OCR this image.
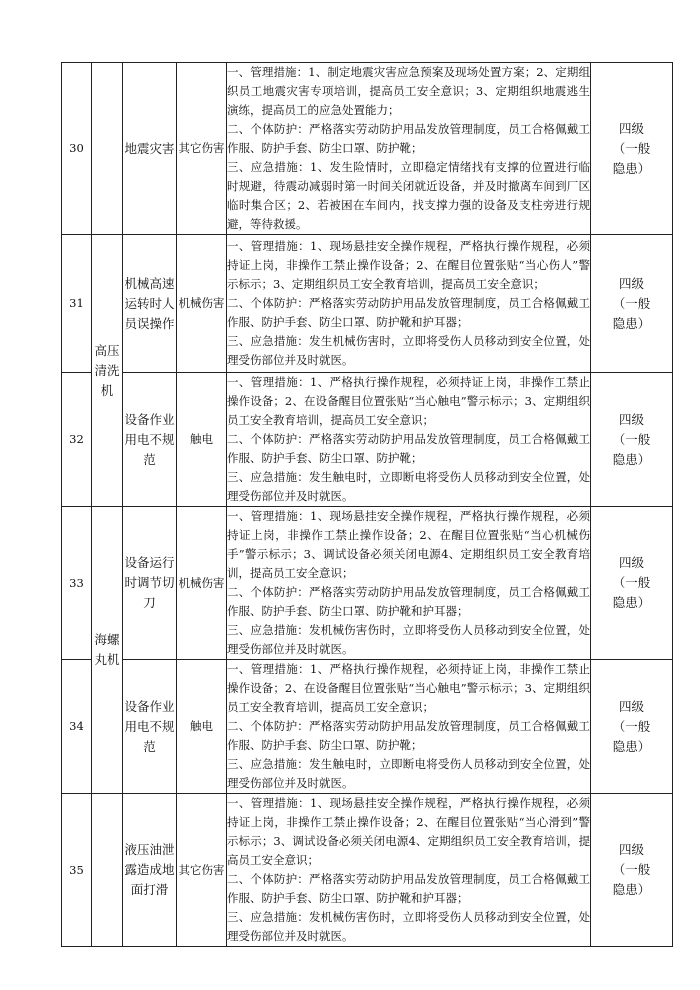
30		地震灾害	其它伤害	一、管理措施：1、制定地震灾害应急预案及现场处置方案；2、定期组织员工地震灾害专项培训，提高员工安全意识；3、定期组织地震逃生演练，提高员工的应急处置能力；
二、个体防护：严格落实劳动防护用品发放管理制度，员工合格佩戴工作服、防护手套、防尘口罩、防护靴；
三、应急措施：1、发生险情时，立即稳定情绪找有支撑的位置进行临时规避，待震动减弱时第一时间关闭就近设备，并及时撤离车间到厂区临时集合区；2、若被困在车间内，找支撑力强的设备及支柱旁进行规避，等待救援。	四级（一般隐患）

31	高压清洗机	机械高速运转时人员误操作	机械伤害	一、管理措施：1、现场悬挂安全操作规程，严格执行操作规程，必须持证上岗，非操作工禁止操作设备；2、在醒目位置张贴“当心伤人”警示标示；3、定期组织员工安全教育培训，提高员工安全意识；
二、个体防护：严格落实劳动防护用品发放管理制度，员工合格佩戴工作服、防护手套、防尘口罩、防护靴和护耳器；
三、应急措施：发生机械伤害时，立即将受伤人员移动到安全位置，处理受伤部位并及时就医。	四级（一般隐患）

32		设备作业用电不规范	触电	一、管理措施：1、严格执行操作规程，必须持证上岗，非操作工禁止操作设备；2、在设备醒目位置张贴“当心触电”警示标示；3、定期组织员工安全教育培训，提高员工安全意识；
二、个体防护：严格落实劳动防护用品发放管理制度，员工合格佩戴工作服、防护手套、防尘口罩、防护靴；
三、应急措施：发生触电时，立即断电将受伤人员移动到安全位置，处理受伤部位并及时就医。	四级（一般隐患）

33	海螺丸机	设备运行时调节切刀	机械伤害	一、管理措施：1、现场悬挂安全操作规程，严格执行操作规程，必须持证上岗，非操作工禁止操作设备；2、在醒目位置张贴“当心机械伤手”警示标示；3、调试设备必须关闭电源4、定期组织员工安全教育培训，提高员工安全意识；
二、个体防护：严格落实劳动防护用品发放管理制度，员工合格佩戴工作服、防护手套、防尘口罩、防护靴和护耳器；
三、应急措施：发机械伤害伤时，立即将受伤人员移动到安全位置，处理受伤部位并及时就医。	四级（一般隐患）

34		设备作业用电不规范	触电	一、管理措施：1、严格执行操作规程，必须持证上岗，非操作工禁止操作设备；2、在设备醒目位置张贴“当心触电”警示标示；3、定期组织员工安全教育培训，提高员工安全意识；
二、个体防护：严格落实劳动防护用品发放管理制度，员工合格佩戴工作服、防护手套、防尘口罩、防护靴；
三、应急措施：发生触电时，立即断电将受伤人员移动到安全位置，处理受伤部位并及时就医。	四级（一般隐患）

35		液压油泄露造成地面打滑	其它伤害	一、管理措施：1、现场悬挂安全操作规程，严格执行操作规程，必须持证上岗，非操作工禁止操作设备；2、在醒目位置张贴“当心滑到”警示标示；3、调试设备必须关闭电源4、定期组织员工安全教育培训，提高员工安全意识；
二、个体防护：严格落实劳动防护用品发放管理制度，员工合格佩戴工作服、防护手套、防尘口罩、防护靴和护耳器；
三、应急措施：发机械伤害伤时，立即将受伤人员移动到安全位置，处理受伤部位并及时就医。	四级（一般隐患）
